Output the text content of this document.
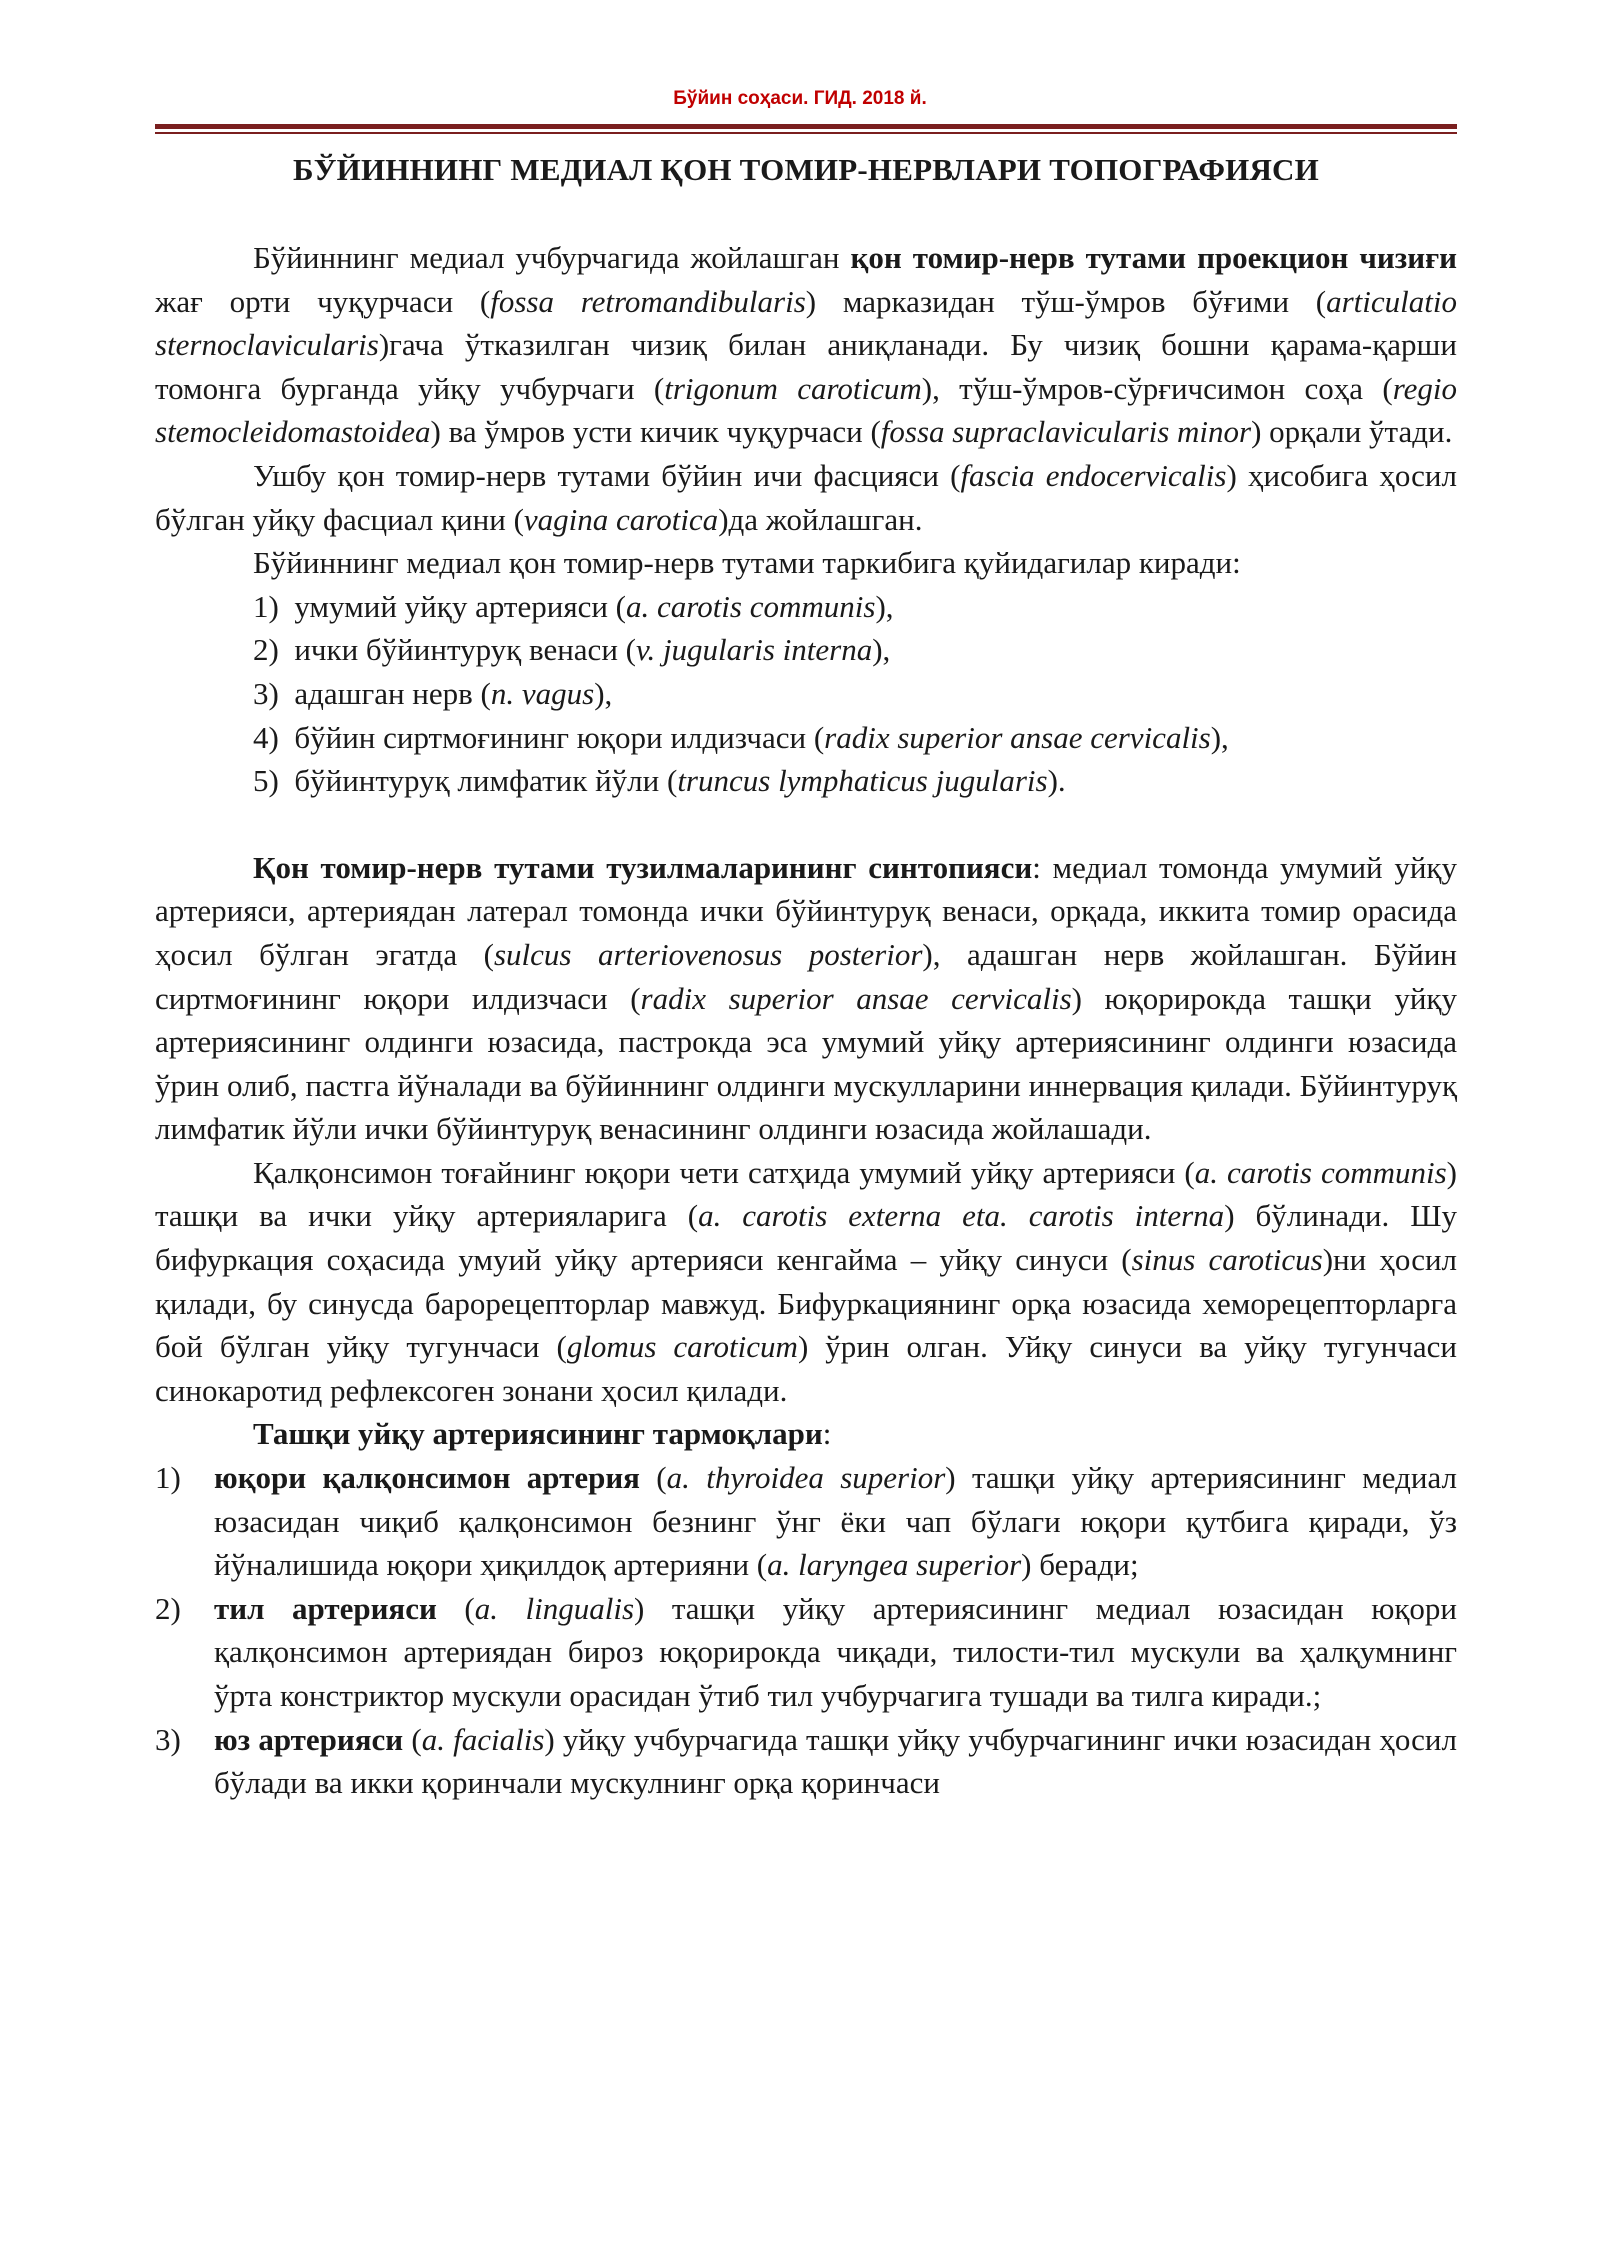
Бўйин соҳаси. ГИД. 2018 й.
БЎЙИННИНГ МЕДИАЛ ҚОН ТОМИР-НЕРВЛАРИ ТОПОГРАФИЯСИ

Бўйиннинг медиал учбурчагида жойлашган қон томир-нерв тутами проекцион чизиғи жағ орти чуқурчаси (fossa retromandibularis) марказидан тўш-ўмров бўғими (articulatio sternoclavicularis)гача ўтказилган чизиқ билан аниқланади. Бу чизиқ бошни қарама-қарши томонга бурганда уйқу учбурчаги (trigonum caroticum), тўш-ўмров-сўрғичсимон соҳа (regio stemocleidomastoidea) ва ўмров усти кичик чуқурчаси (fossa supraclavicularis minor) орқали ўтади.

Ушбу қон томир-нерв тутами бўйин ичи фасцияси (fascia endocervicalis) ҳисобига ҳосил бўлган уйқу фасциал қини (vagina carotica)да жойлашган.

Бўйиннинг медиал қон томир-нерв тутами таркибига қуйидагилар киради:

1) умумий уйқу артерияси (a. carotis communis),
2) ички бўйинтуруқ венаси (v. jugularis interna),
3) адашган нерв (n. vagus),
4) бўйин сиртмоғининг юқори илдизчаси (radix superior ansae cervicalis),
5) бўйинтуруқ лимфатик йўли (truncus lymphaticus jugularis).

Қон томир-нерв тутами тузилмаларининг синтопияси: медиал томонда умумий уйқу артерияси, артериядан латерал томонда ички бўйинтуруқ венаси, орқада, иккита томир орасида ҳосил бўлган эгатда (sulcus arteriovenosus posterior), адашган нерв жойлашган. Бўйин сиртмоғининг юқори илдизчаси (radix superior ansae cervicalis) юқорирокда ташқи уйқу артериясининг олдинги юзасида, пастрокда эса умумий уйқу артериясининг олдинги юзасида ўрин олиб, пастга йўналади ва бўйиннинг олдинги мускулларини иннервация қилади. Бўйинтуруқ лимфатик йўли ички бўйинтуруқ венасининг олдинги юзасида жойлашади.

Қалқонсимон тоғайнинг юқори чети сатҳида умумий уйқу артерияси (a. carotis communis) ташқи ва ички уйқу артерияларига (a. carotis externa eta. carotis interna) бўлинади. Шу бифуркация соҳасида умуий уйқу артерияси кенгайма – уйқу синуси (sinus caroticus)ни ҳосил қилади, бу синусда барорецепторлар мавжуд. Бифуркациянинг орқа юзасида хеморецепторларга бой бўлган уйқу тугунчаси (glomus caroticum) ўрин олган. Уйқу синуси ва уйқу тугунчаси синокаротид рефлексоген зонани ҳосил қилади.

Ташқи уйқу артериясининг тармоқлари:

1) юқори қалқонсимон артерия (a. thyroidea superior) ташқи уйқу артериясининг медиал юзасидан чиқиб қалқонсимон безнинг ўнг ёки чап бўлаги юқори қутбига қиради, ўз йўналишида юқори ҳиқилдоқ артерияни (a. laryngea superior) беради;
2) тил артерияси (a. lingualis) ташқи уйқу артериясининг медиал юзасидан юқори қалқонсимон артериядан бироз юқорирокда чиқади, тилости-тил мускули ва ҳалқумнинг ўрта констриктор мускули орасидан ўтиб тил учбурчагига тушади ва тилга киради.;
3) юз артерияси (a. facialis) уйқу учбурчагида ташқи уйқу учбурчагининг ички юзасидан ҳосил бўлади ва икки қоринчали мускулнинг орқа қоринчаси
